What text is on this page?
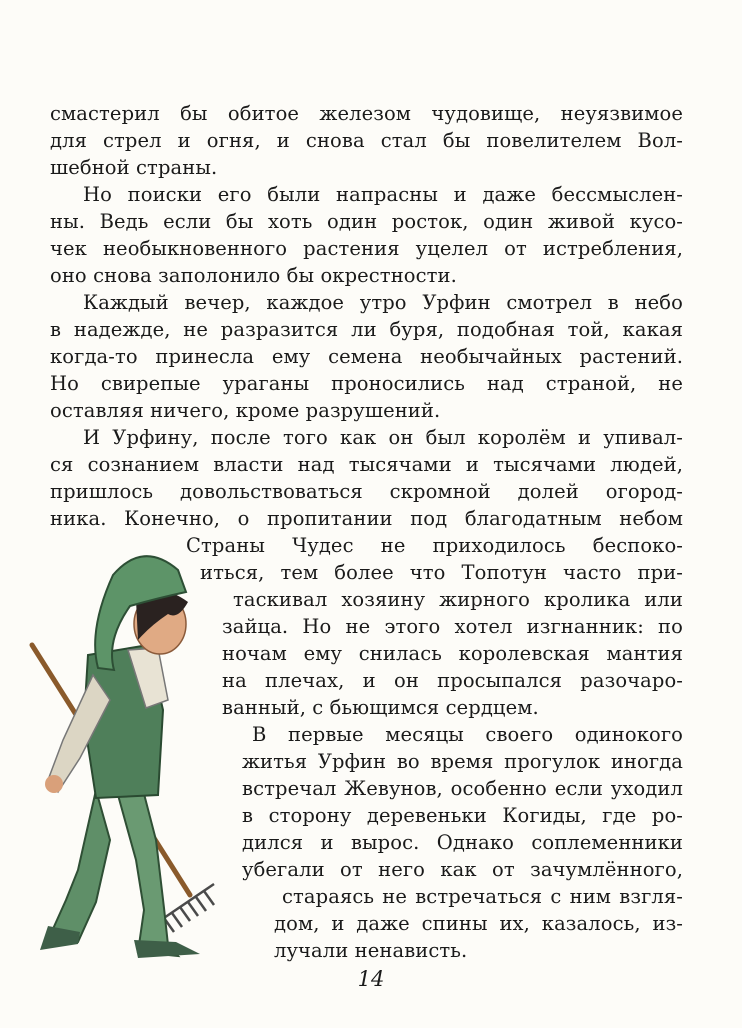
смастерил бы обитое железом чудовище, неуязвимое
для стрел и огня, и снова стал бы повелителем Вол-
шебной страны.
Но поиски его были напрасны и даже бессмыслен-
ны. Ведь если бы хоть один росток, один живой кусо-
чек необыкновенного растения уцелел от истребления,
оно снова заполонило бы окрестности.
Каждый вечер, каждое утро Урфин смотрел в небо
в надежде, не разразится ли буря, подобная той, какая
когда-то принесла ему семена необычайных растений.
Но свирепые ураганы проносились над страной, не
оставляя ничего, кроме разрушений.
И Урфину, после того как он был королём и упивал-
ся сознанием власти над тысячами и тысячами людей,
пришлось довольствоваться скромной долей огород-
ника. Конечно, о пропитании под благодатным небом
Страны Чудес не приходилось беспоко-
иться, тем более что Топотун часто при-
таскивал хозяину жирного кролика или
зайца. Но не этого хотел изгнанник: по
ночам ему снилась королевская мантия
на плечах, и он просыпался разочаро-
ванный, с бьющимся сердцем.
В первые месяцы своего одинокого
житья Урфин во время прогулок иногда
встречал Жевунов, особенно если уходил
в сторону деревеньки Когиды, где ро-
дился и вырос. Однако соплеменники
убегали от него как от зачумлённого,
стараясь не встречаться с ним взгля-
дом, и даже спины их, казалось, из-
лучали ненависть.
14
